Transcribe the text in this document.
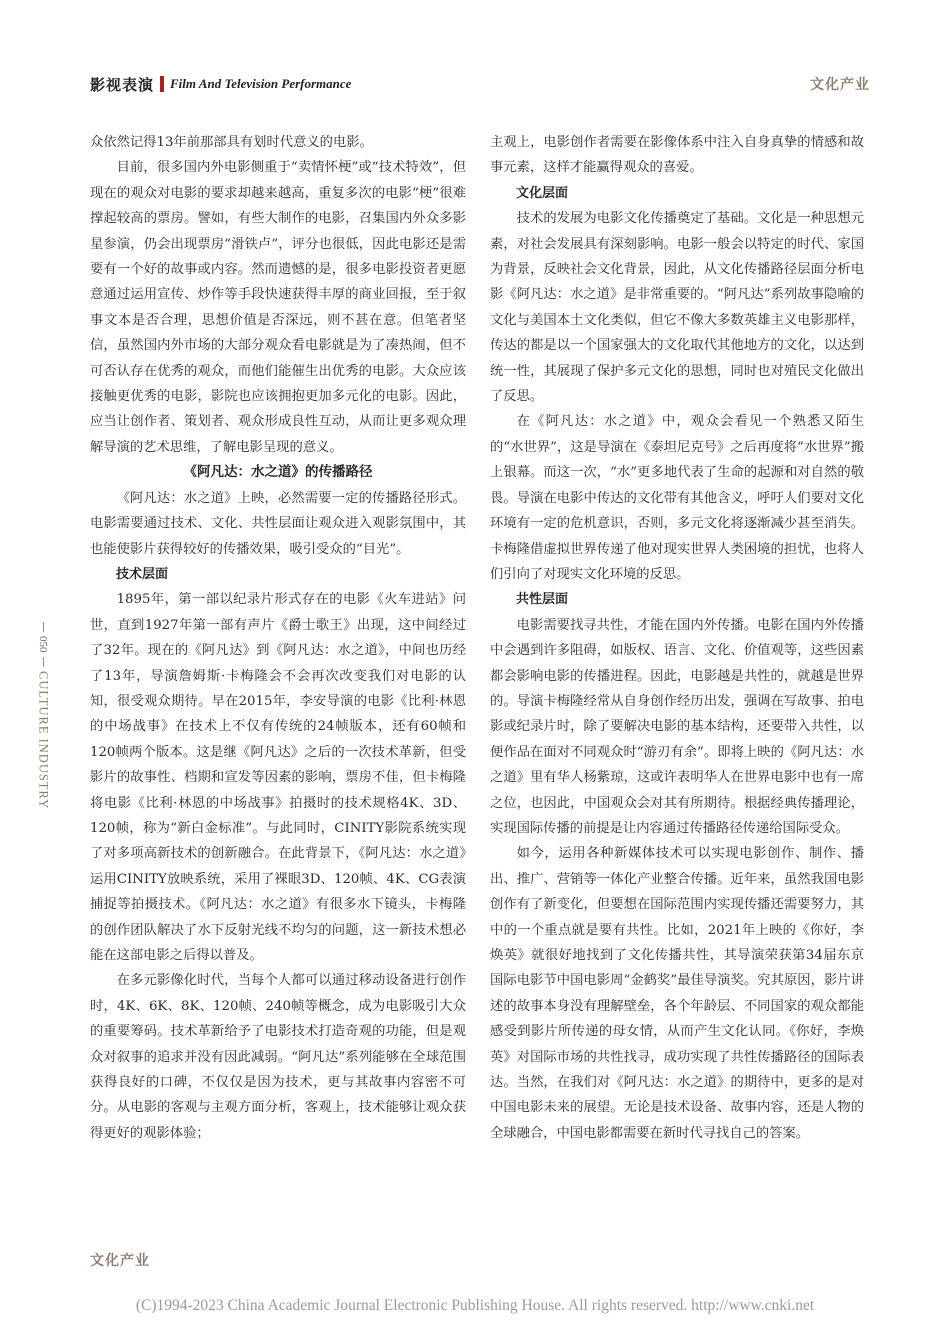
影视表演 Film And Television Performance	文化产业
050
CULTURE INDUSTRY

众依然记得13年前那部具有划时代意义的电影。

目前，很多国内外电影侧重于“卖情怀梗”或“技术特效”，但现在的观众对电影的要求却越来越高，重复多次的电影“梗”很难撑起较高的票房。譬如，有些大制作的电影，召集国内外众多影星参演，仍会出现票房“滑铁卢”，评分也很低，因此电影还是需要有一个好的故事或内容。然而遗憾的是，很多电影投资者更愿意通过运用宣传、炒作等手段快速获得丰厚的商业回报，至于叙事文本是否合理，思想价值是否深远，则不甚在意。但笔者坚信，虽然国内外市场的大部分观众看电影就是为了凑热闹，但不可否认存在优秀的观众，而他们能催生出优秀的电影。大众应该接触更优秀的电影，影院也应该拥抱更加多元化的电影。因此，应当让创作者、策划者、观众形成良性互动，从而让更多观众理解导演的艺术思维，了解电影呈现的意义。

《阿凡达：水之道》的传播路径

《阿凡达：水之道》上映，必然需要一定的传播路径形式。电影需要通过技术、文化、共性层面让观众进入观影氛围中，其也能使影片获得较好的传播效果，吸引受众的“目光”。

技术层面

1895年，第一部以纪录片形式存在的电影《火车进站》问世，直到1927年第一部有声片《爵士歌王》出现，这中间经过了32年。现在的《阿凡达》到《阿凡达：水之道》，中间也历经了13年，导演詹姆斯·卡梅隆会不会再次改变我们对电影的认知，很受观众期待。早在2015年，李安导演的电影《比利·林恩的中场战事》在技术上不仅有传统的24帧版本，还有60帧和120帧两个版本。这是继《阿凡达》之后的一次技术革新，但受影片的故事性、档期和宣发等因素的影响，票房不佳，但卡梅隆将电影《比利·林恩的中场战事》拍摄时的技术规格4K、3D、120帧，称为“新白金标准”。与此同时，CINITY影院系统实现了对多项高新技术的创新融合。在此背景下，《阿凡达：水之道》运用CINITY放映系统，采用了裸眼3D、120帧、4K、CG表演捕捉等拍摄技术。《阿凡达：水之道》有很多水下镜头，卡梅隆的创作团队解决了水下反射光线不均匀的问题，这一新技术想必能在这部电影之后得以普及。

在多元影像化时代，当每个人都可以通过移动设备进行创作时，4K、6K、8K、120帧、240帧等概念，成为电影吸引大众的重要筹码。技术革新给予了电影技术打造奇观的功能，但是观众对叙事的追求并没有因此减弱。“阿凡达”系列能够在全球范围获得良好的口碑，不仅仅是因为技术，更与其故事内容密不可分。从电影的客观与主观方面分析，客观上，技术能够让观众获得更好的观影体验；

主观上，电影创作者需要在影像体系中注入自身真挚的情感和故事元素，这样才能赢得观众的喜爱。

文化层面

技术的发展为电影文化传播奠定了基础。文化是一种思想元素，对社会发展具有深刻影响。电影一般会以特定的时代、家国为背景，反映社会文化背景，因此，从文化传播路径层面分析电影《阿凡达：水之道》是非常重要的。“阿凡达”系列故事隐喻的文化与美国本土文化类似，但它不像大多数英雄主义电影那样，传达的都是以一个国家强大的文化取代其他地方的文化，以达到统一性，其展现了保护多元文化的思想，同时也对殖民文化做出了反思。

在《阿凡达：水之道》中，观众会看见一个熟悉又陌生的“水世界”，这是导演在《泰坦尼克号》之后再度将“水世界”搬上银幕。而这一次，“水”更多地代表了生命的起源和对自然的敬畏。导演在电影中传达的文化带有其他含义，呼吁人们要对文化环境有一定的危机意识，否则，多元文化将逐渐减少甚至消失。卡梅隆借虚拟世界传递了他对现实世界人类困境的担忧，也将人们引向了对现实文化环境的反思。

共性层面

电影需要找寻共性，才能在国内外传播。电影在国内外传播中会遇到许多阻碍，如版权、语言、文化、价值观等，这些因素都会影响电影的传播进程。因此，电影越是共性的，就越是世界的。导演卡梅隆经常从自身创作经历出发，强调在写故事、拍电影或纪录片时，除了要解决电影的基本结构，还要带入共性，以便作品在面对不同观众时“游刃有余”。即将上映的《阿凡达：水之道》里有华人杨紫琼，这或许表明华人在世界电影中也有一席之位，也因此，中国观众会对其有所期待。根据经典传播理论，实现国际传播的前提是让内容通过传播路径传递给国际受众。

如今，运用各种新媒体技术可以实现电影创作、制作、播出、推广、营销等一体化产业整合传播。近年来，虽然我国电影创作有了新变化，但要想在国际范围内实现传播还需要努力，其中的一个重点就是要有共性。比如，2021年上映的《你好，李焕英》就很好地找到了文化传播共性，其导演荣获第34届东京国际电影节中国电影周“金鹤奖”最佳导演奖。究其原因，影片讲述的故事本身没有理解壁垒，各个年龄层、不同国家的观众都能感受到影片所传递的母女情，从而产生文化认同。《你好，李焕英》对国际市场的共性找寻，成功实现了共性传播路径的国际表达。当然，在我们对《阿凡达：水之道》的期待中，更多的是对中国电影未来的展望。无论是技术设备、故事内容，还是人物的全球融合，中国电影都需要在新时代寻找自己的答案。

文化产业
(C)1994-2023 China Academic Journal Electronic Publishing House. All rights reserved. http://www.cnki.net
